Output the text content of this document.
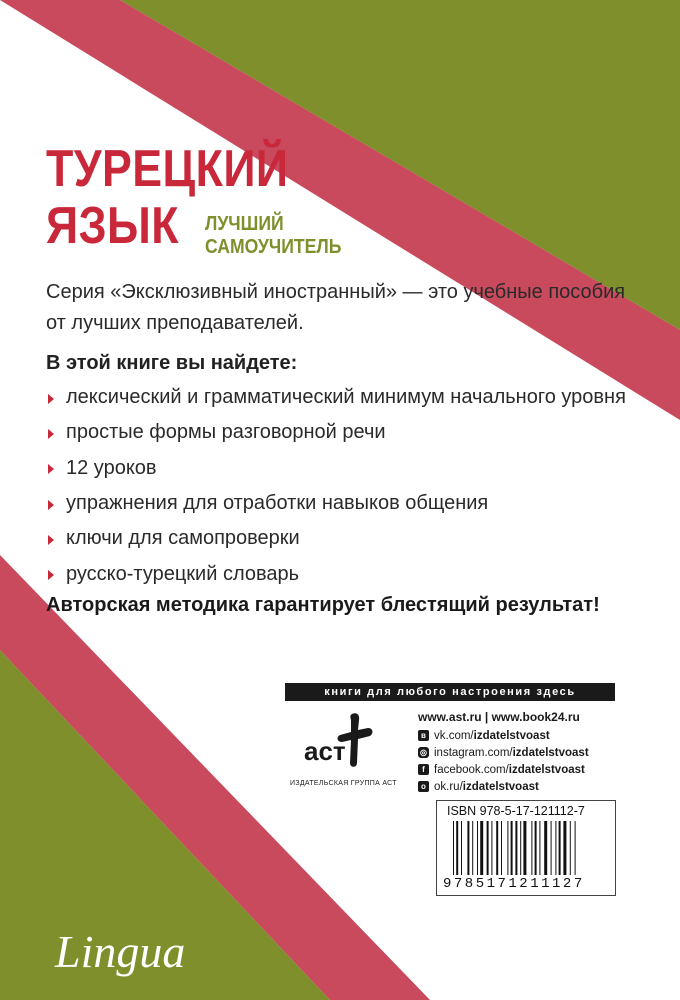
ТУРЕЦКИЙ
ЯЗЫК ЛУЧШИЙ
САМОУЧИТЕЛЬ
Серия «Эксклюзивный иностранный» — это учебные пособия от лучших преподавателей.
В этой книге вы найдете:
лексический и грамматический минимум начального уровня
простые формы разговорной речи
12 уроков
упражнения для отработки навыков общения
ключи для самопроверки
русско-турецкий словарь
Авторская методика гарантирует блестящий результат!
книги для любого настроения здесь
аст
ИЗДАТЕЛЬСКАЯ ГРУППА АСТ
www.ast.ru | www.book24.ru
в vk.com/ izdatelstvoast
◎ instagram.com/ izdatelstvoast
f facebook.com/ izdatelstvoast
о ok.ru/ izdatelstvoast
ISBN 978-5-17-121112-7
9785171211127
Lingua
